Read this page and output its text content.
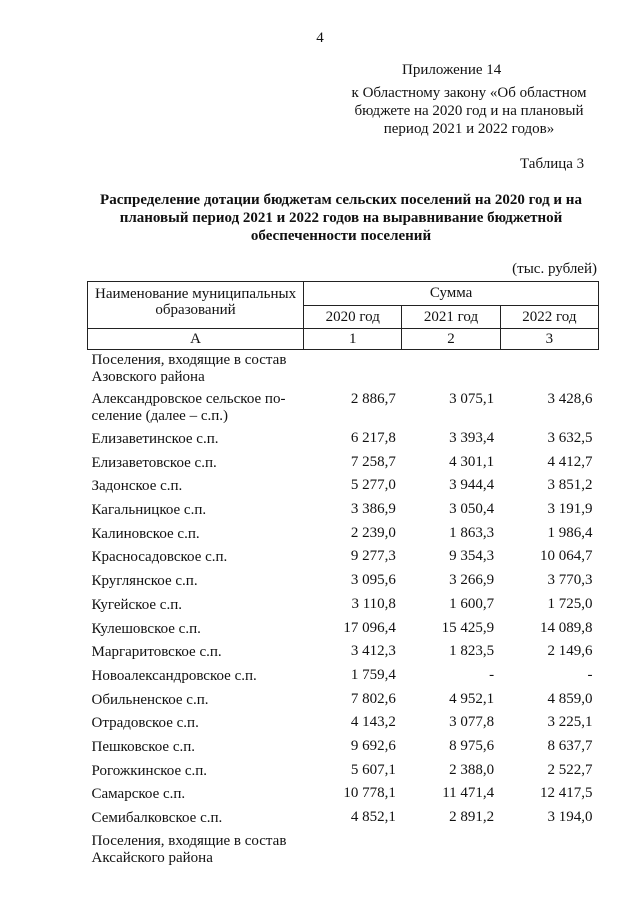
4
Приложение 14
к Областному закону «Об областном бюджете на 2020 год и на плановый период 2021 и 2022 годов»
Таблица 3
Распределение дотации бюджетам сельских поселений на 2020 год и на плановый период 2021 и 2022 годов на выравнивание бюджетной обеспеченности поселений
(тыс. рублей)
Наименование муниципальных образований	Сумма		
	2020 год	2021 год	2022 год
А	1	2	3
Поселения, входящие в состав Азовского района			
Александровское сельское по-селение (далее – с.п.)	2 886,7	3 075,1	3 428,6
Елизаветинское с.п.	6 217,8	3 393,4	3 632,5
Елизаветовское с.п.	7 258,7	4 301,1	4 412,7
Задонское с.п.	5 277,0	3 944,4	3 851,2
Кагальницкое с.п.	3 386,9	3 050,4	3 191,9
Калиновское с.п.	2 239,0	1 863,3	1 986,4
Красносадовское с.п.	9 277,3	9 354,3	10 064,7
Круглянское с.п.	3 095,6	3 266,9	3 770,3
Кугейское с.п.	3 110,8	1 600,7	1 725,0
Кулешовское с.п.	17 096,4	15 425,9	14 089,8
Маргаритовское с.п.	3 412,3	1 823,5	2 149,6
Новоалександровское с.п.	1 759,4	-	-
Обильненское с.п.	7 802,6	4 952,1	4 859,0
Отрадовское с.п.	4 143,2	3 077,8	3 225,1
Пешковское с.п.	9 692,6	8 975,6	8 637,7
Рогожкинское с.п.	5 607,1	2 388,0	2 522,7
Самарское с.п.	10 778,1	11 471,4	12 417,5
Семибалковское с.п.	4 852,1	2 891,2	3 194,0
Поселения, входящие в состав Аксайского района			
